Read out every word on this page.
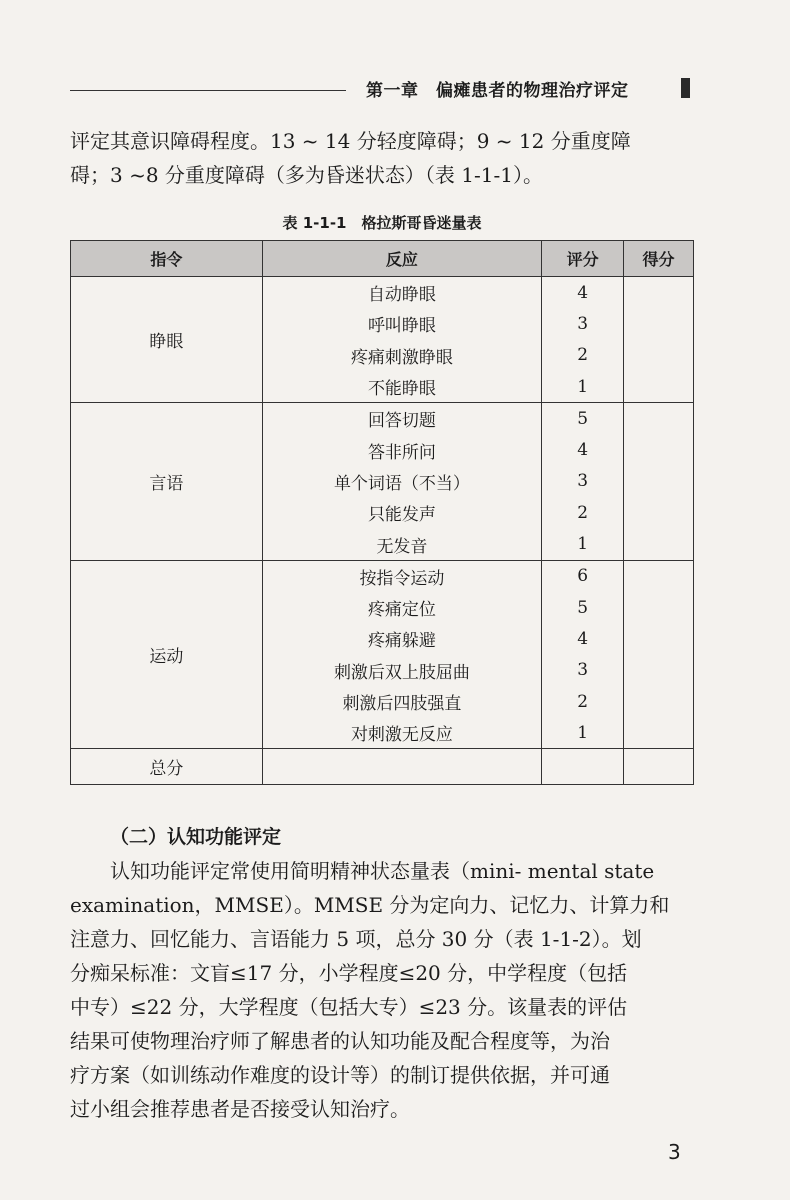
第一章　偏瘫患者的物理治疗评定
评定其意识障碍程度。13 ~ 14 分轻度障碍；9 ~ 12 分重度障
碍；3 ~8 分重度障碍（多为昏迷状态）（表 1-1-1）。
表 1-1-1　格拉斯哥昏迷量表
指令	反应	评分	得分
睁眼	自动睁眼	4	
	呼叫睁眼	3	
	疼痛刺激睁眼	2	
	不能睁眼	1	
言语	回答切题	5	
	答非所问	4	
	单个词语（不当）	3	
	只能发声	2	
	无发音	1	
运动	按指令运动	6	
	疼痛定位	5	
	疼痛躲避	4	
	刺激后双上肢屈曲	3	
	刺激后四肢强直	2	
	对刺激无反应	1	
总分			
（二）认知功能评定
　　认知功能评定常使用简明精神状态量表（mini- mental state
examination，MMSE）。MMSE 分为定向力、记忆力、计算力和
注意力、回忆能力、言语能力 5 项，总分 30 分（表 1-1-2）。划
分痴呆标准：文盲≤17 分，小学程度≤20 分，中学程度（包括
中专）≤22 分，大学程度（包括大专）≤23 分。该量表的评估
结果可使物理治疗师了解患者的认知功能及配合程度等，为治
疗方案（如训练动作难度的设计等）的制订提供依据，并可通
过小组会推荐患者是否接受认知治疗。
3
